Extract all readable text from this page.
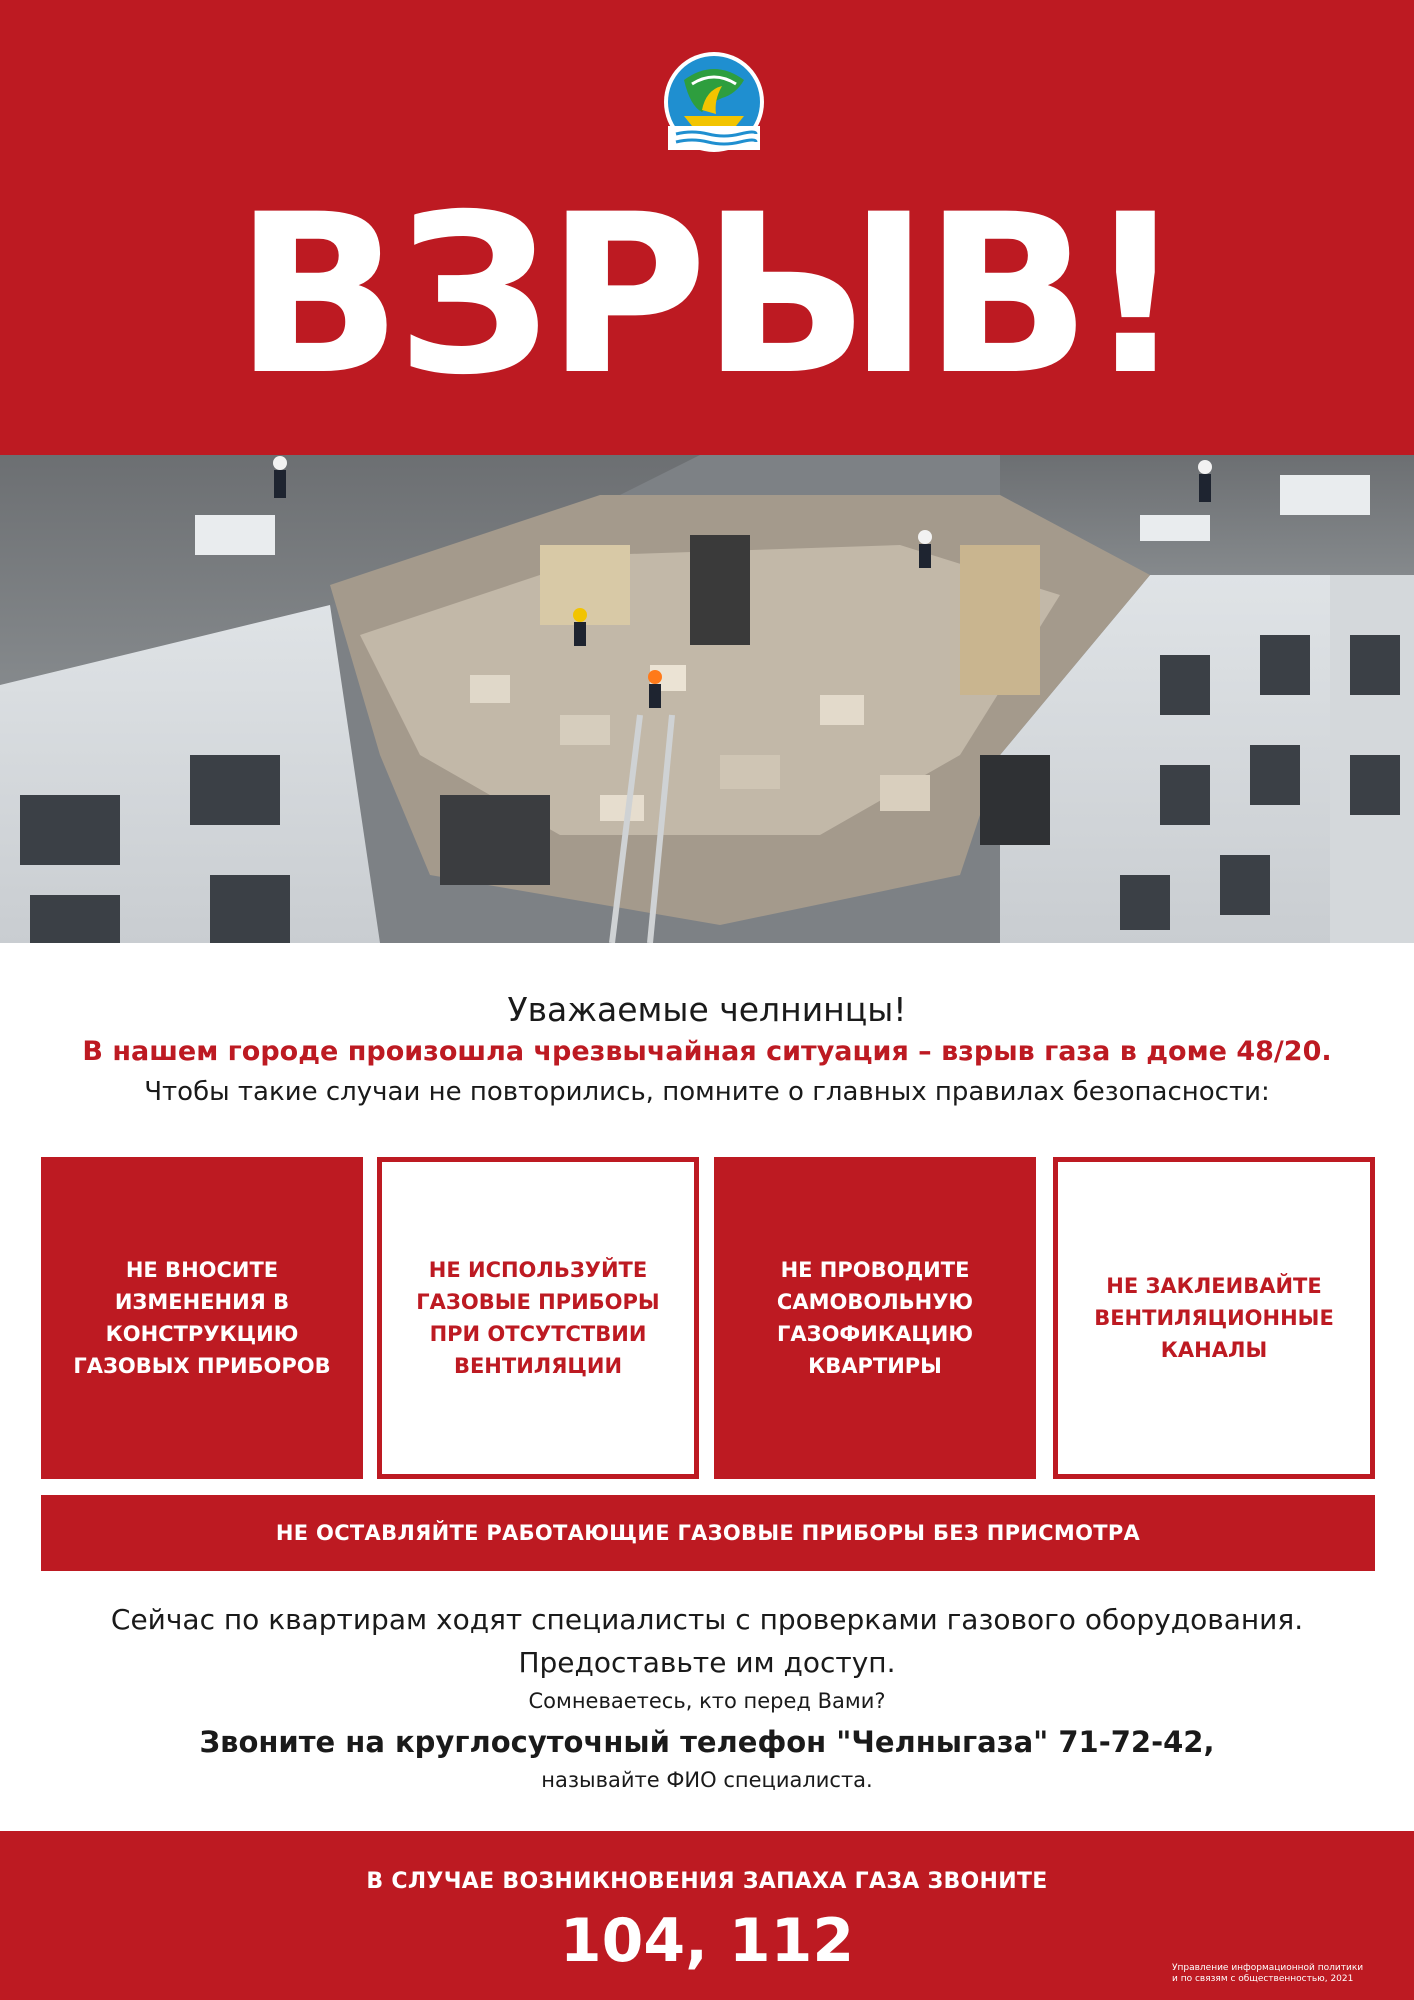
ВЗРЫВ!
Уважаемые челнинцы!
В нашем городе произошла чрезвычайная ситуация – взрыв газа в доме 48/20.
Чтобы такие случаи не повторились, помните о главных правилах безопасности:
НЕ ВНОСИТЕ ИЗМЕНЕНИЯ В КОНСТРУКЦИЮ ГАЗОВЫХ ПРИБОРОВ
НЕ ИСПОЛЬЗУЙТЕ ГАЗОВЫЕ ПРИБОРЫ ПРИ ОТСУТСТВИИ ВЕНТИЛЯЦИИ
НЕ ПРОВОДИТЕ САМОВОЛЬНУЮ ГАЗОФИКАЦИЮ КВАРТИРЫ
НЕ ЗАКЛЕИВАЙТЕ ВЕНТИЛЯЦИОННЫЕ КАНАЛЫ
НЕ ОСТАВЛЯЙТЕ РАБОТАЮЩИЕ ГАЗОВЫЕ ПРИБОРЫ БЕЗ ПРИСМОТРА
Сейчас по квартирам ходят специалисты с проверками газового оборудования.
Предоставьте им доступ.
Сомневаетесь, кто перед Вами?
Звоните на круглосуточный телефон "Челныгаза" 71-72-42,
называйте ФИО специалиста.
В СЛУЧАЕ ВОЗНИКНОВЕНИЯ ЗАПАХА ГАЗА ЗВОНИТЕ
104, 112	Управление информационной политики
и по связям с общественностью, 2021
